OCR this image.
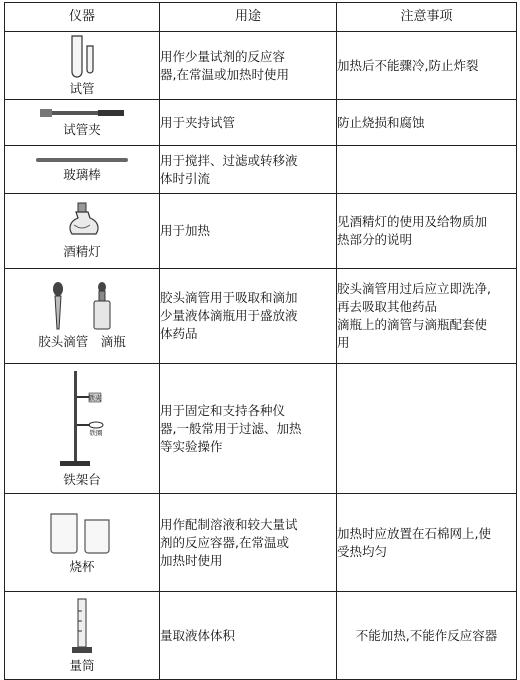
仪器	用途	注意事项

试管	用作少量试剂的反应容
器,在常温或加热时使用	加热后不能骤冷,防止炸裂

试管夹	用于夹持试管	防止烧损和腐蚀

玻璃棒	用于搅拌、过滤或转移液
体时引流	

酒精灯	用于加热	见酒精灯的使用及给物质加
热部分的说明

胶头滴管　滴瓶	胶头滴管用于吸取和滴加
少量液体滴瓶用于盛放液
体药品	胶头滴管用过后应立即洗净,
再去吸取其他药品
滴瓶上的滴管与滴瓶配套使
用

铁夹
铁圈
铁架台	用于固定和支持各种仪
器,一般常用于过滤、加热
等实验操作	

烧杯	用作配制溶液和较大量试
剂的反应容器,在常温或
加热时使用	加热时应放置在石棉网上,使
受热均匀

量筒	量取液体体积	不能加热,不能作反应容器
